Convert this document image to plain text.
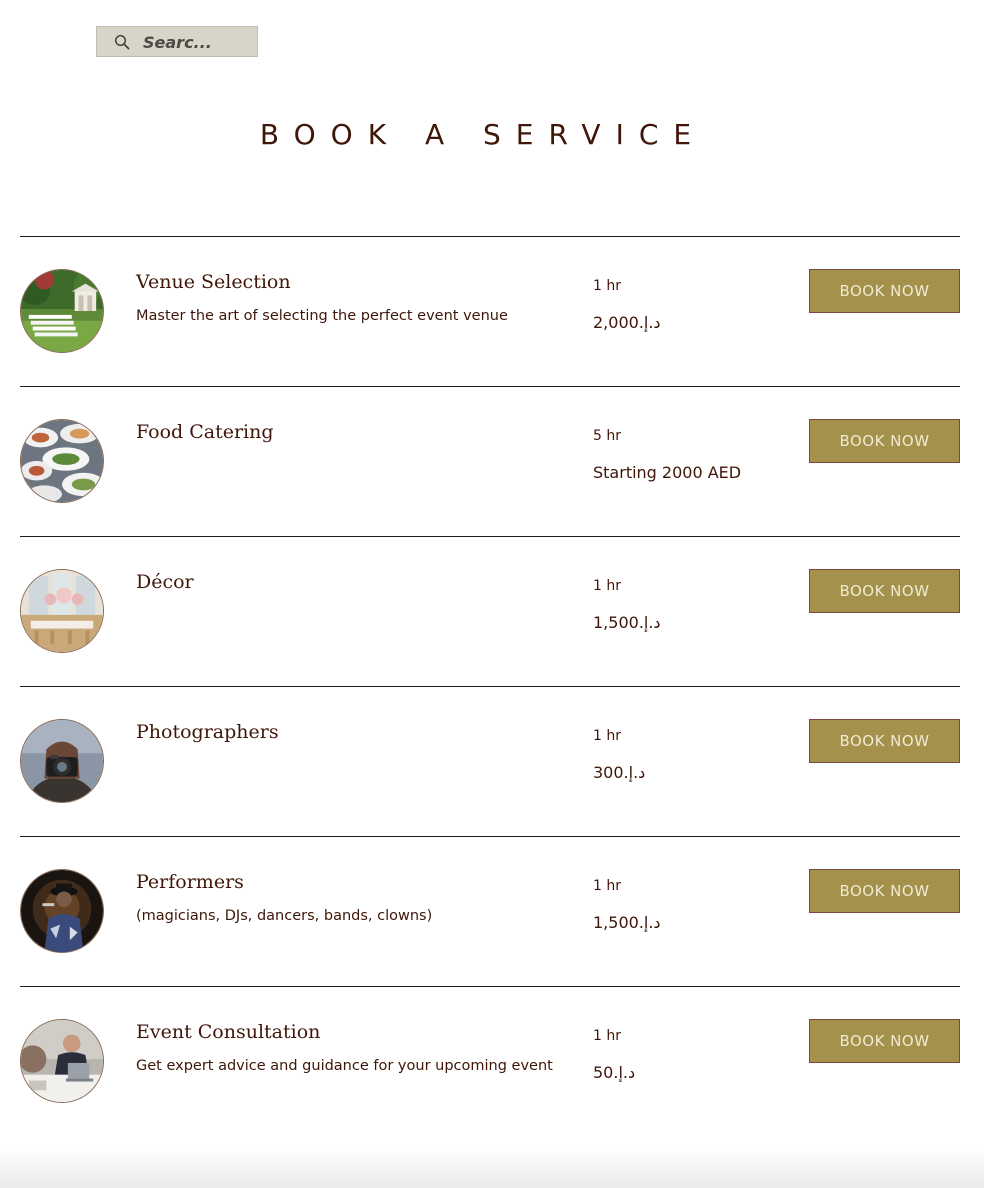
Searc...
BOOK A SERVICE
Venue Selection
Master the art of selecting the perfect event venue
1 hr
د.إ.2,000
BOOK NOW
Food Catering	5 hr
Starting 2000 AED
BOOK NOW
Décor	1 hr
د.إ.1,500
BOOK NOW
Photographers	1 hr
د.إ.300
BOOK NOW
Performers
(magicians, DJs, dancers, bands, clowns)
1 hr
د.إ.1,500
BOOK NOW
Event Consultation
Get expert advice and guidance for your upcoming event
1 hr
د.إ.50
BOOK NOW
